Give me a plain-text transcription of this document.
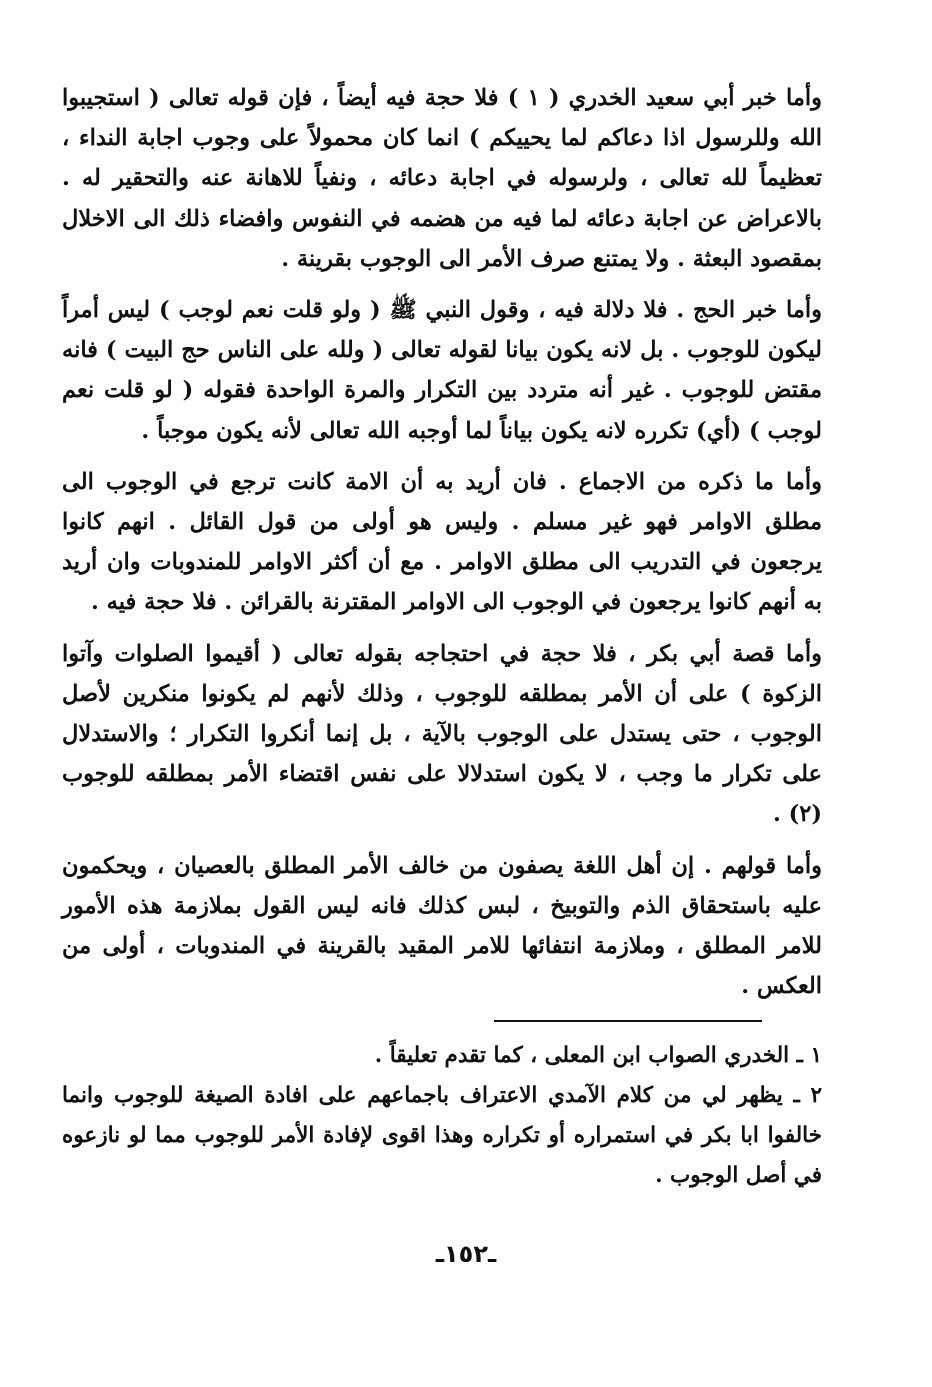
وأما خبر أبي سعيد الخدري ( ١ ) فلا حجة فيه أيضاً ، فإن قوله تعالى ( استجيبوا الله وللرسول اذا دعاكم لما يحييكم ) انما كان محمولاً على وجوب اجابة النداء ، تعظيماً لله تعالى ، ولرسوله في اجابة دعائه ، ونفياً للاهانة عنه والتحقير له . بالاعراض عن اجابة دعائه لما فيه من هضمه في النفوس وافضاء ذلك الى الاخلال بمقصود البعثة . ولا يمتنع صرف الأمر الى الوجوب بقرينة .

وأما خبر الحج . فلا دلالة فيه ، وقول النبي ﷺ ( ولو قلت نعم لوجب ) ليس أمراً ليكون للوجوب . بل لانه يكون بيانا لقوله تعالى ( ولله على الناس حج البيت ) فانه مقتض للوجوب . غير أنه متردد بين التكرار والمرة الواحدة فقوله ( لو قلت نعم لوجب ) (أي) تكرره لانه يكون بياناً لما أوجبه الله تعالى لأنه يكون موجباً .

وأما ما ذكره من الاجماع . فان أريد به أن الامة كانت ترجع في الوجوب الى مطلق الاوامر فهو غير مسلم . وليس هو أولى من قول القائل . انهم كانوا يرجعون في التدريب الى مطلق الاوامر . مع أن أكثر الاوامر للمندوبات وان أريد به أنهم كانوا يرجعون في الوجوب الى الاوامر المقترنة بالقرائن . فلا حجة فيه .

وأما قصة أبي بكر ، فلا حجة في احتجاجه بقوله تعالى ( أقيموا الصلوات وآتوا الزكوة ) على أن الأمر بمطلقه للوجوب ، وذلك لأنهم لم يكونوا منكرين لأصل الوجوب ، حتى يستدل على الوجوب بالآية ، بل إنما أنكروا التكرار ؛ والاستدلال على تكرار ما وجب ، لا يكون استدلالا على نفس اقتضاء الأمر بمطلقه للوجوب (٢) .

وأما قولهم . إن أهل اللغة يصفون من خالف الأمر المطلق بالعصيان ، ويحكمون عليه باستحقاق الذم والتوبيخ ، لبس كذلك فانه ليس القول بملازمة هذه الأمور للامر المطلق ، وملازمة انتفائها للامر المقيد بالقرينة في المندوبات ، أولى من العكس .

١ ـ الخدري الصواب ابن المعلى ، كما تقدم تعليقاً .

٢ ـ يظهر لي من كلام الآمدي الاعتراف باجماعهم على افادة الصيغة للوجوب وانما خالفوا ابا بكر في استمراره أو تكراره وهذا اقوى لإفادة الأمر للوجوب مما لو نازعوه في أصل الوجوب .

ـ١٥٢ـ
